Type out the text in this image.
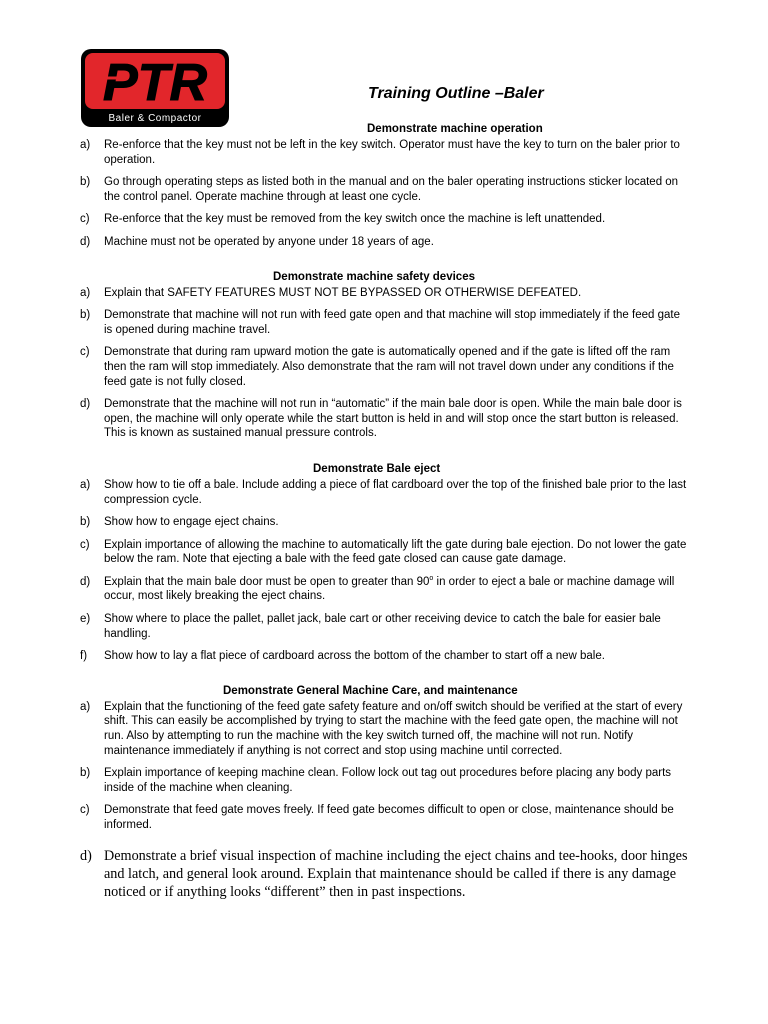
PTR
Baler & Compactor
Training Outline –Baler
Demonstrate machine operation
a)	Re-enforce that the key must not be left in the key switch. Operator must have the key to turn on the baler prior to operation.
b)	Go through operating steps as listed both in the manual and on the baler operating instructions sticker located on the control panel. Operate machine through at least one cycle.
c)	Re-enforce that the key must be removed from the key switch once the machine is left unattended.
d)	Machine must not be operated by anyone under 18 years of age.
Demonstrate machine safety devices
a)	Explain that SAFETY FEATURES MUST NOT BE BYPASSED OR OTHERWISE DEFEATED.
b)	Demonstrate that machine will not run with feed gate open and that machine will stop immediately if the feed gate is opened during machine travel.
c)	Demonstrate that during ram upward motion the gate is automatically opened and if the gate is lifted off the ram then the ram will stop immediately. Also demonstrate that the ram will not travel down under any conditions if the feed gate is not fully closed.
d)	Demonstrate that the machine will not run in “automatic” if the main bale door is open. While the main bale door is open, the machine will only operate while the start button is held in and will stop once the start button is released. This is known as sustained manual pressure controls.
Demonstrate Bale eject
a)	Show how to tie off a bale. Include adding a piece of flat cardboard over the top of the finished bale prior to the last compression cycle.
b)	Show how to engage eject chains.
c)	Explain importance of allowing the machine to automatically lift the gate during bale ejection. Do not lower the gate below the ram. Note that ejecting a bale with the feed gate closed can cause gate damage.
d)	Explain that the main bale door must be open to greater than 90$^o$ in order to eject a bale or machine damage will occur, most likely breaking the eject chains.
e)	Show where to place the pallet, pallet jack, bale cart or other receiving device to catch the bale for easier bale handling.
f)	Show how to lay a flat piece of cardboard across the bottom of the chamber to start off a new bale.
Demonstrate General Machine Care, and maintenance
a)	Explain that the functioning of the feed gate safety feature and on/off switch should be verified at the start of every shift. This can easily be accomplished by trying to start the machine with the feed gate open, the machine will not run. Also by attempting to run the machine with the key switch turned off, the machine will not run. Notify maintenance immediately if anything is not correct and stop using machine until corrected.
b)	Explain importance of keeping machine clean. Follow lock out tag out procedures before placing any body parts inside of the machine when cleaning.
c)	Demonstrate that feed gate moves freely. If feed gate becomes difficult to open or close, maintenance should be informed.
d) Demonstrate a brief visual inspection of machine including the eject chains and tee-hooks, door hinges and latch, and general look around. Explain that maintenance should be called if there is any damage noticed or if anything looks “different” then in past inspections.
